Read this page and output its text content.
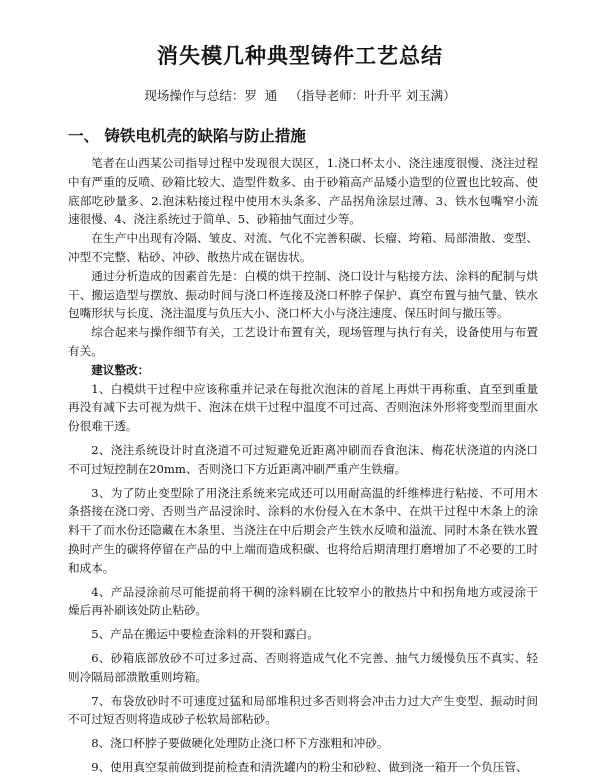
消失模几种典型铸件工艺总结
现场操作与总结：罗  通   （指导老师：叶升平 刘玉满）
一、 铸铁电机壳的缺陷与防止措施

笔者在山西某公司指导过程中发现很大误区，1.浇口杯太小、浇注速度很慢、浇注过程中有严重的反喷、砂箱比较大、造型件数多、由于砂箱高产品矮小造型的位置也比较高、使底部吃砂量多、2.泡沫粘接过程中使用木头条多、产品拐角涂层过薄、3、铁水包嘴窄小流速很慢、4、浇注系统过于简单、5、砂箱抽气面过少等。

在生产中出现有冷隔、皱皮、对流、气化不完善积碳、长瘤、垮箱、局部溃散、变型、冲型不完整、粘砂、冲砂、散热片成在锯齿状。

通过分析造成的因素首先是：白模的烘干控制、浇口设计与粘接方法、涂料的配制与烘干、搬运造型与摆放、振动时间与浇口杯连接及浇口杯脖子保护、真空布置与抽气量、铁水包嘴形状与长度、浇注温度与负压大小、浇口杯大小与浇注速度、保压时间与撤压等。

综合起来与操作细节有关，工艺设计布置有关，现场管理与执行有关，设备使用与布置有关。

建议整改：

1、白模烘干过程中应该称重并记录在每批次泡沫的首尾上再烘干再称重、直至到重量再没有减下去可视为烘干、泡沫在烘干过程中温度不可过高、否则泡沫外形将变型而里面水份很难干透。

2、浇注系统设计时直浇道不可过短避免近距离冲刷而吞食泡沫、梅花状浇道的内浇口不可过短控制在20mm、否则浇口下方近距离冲刷严重产生铁瘤。

3、为了防止变型除了用浇注系统来完成还可以用耐高温的纤维棒进行粘接、不可用木条搭接在浇口旁、否则当产品浸涂时、涂料的水份侵入在木条中、在烘干过程中木条上的涂料干了而水份还隐藏在木条里、当浇注在中后期会产生铁水反喷和溢流、同时木条在铁水置换时产生的碳将停留在产品的中上端而造成积碳、也将给后期清理打磨增加了不必要的工时和成本。

4、产品浸涂前尽可能提前将干稠的涂料刷在比较窄小的散热片中和拐角地方或浸涂干燥后再补刷该处防止粘砂。

5、产品在搬运中要检查涂料的开裂和露白。

6、砂箱底部放砂不可过多过高、否则将造成气化不完善、抽气力缓慢负压不真实、轻则冷隔局部溃散重则垮箱。

7、布袋放砂时不可速度过猛和局部堆积过多否则将会冲击力过大产生变型、振动时间不可过短否则将造成砂子松软局部粘砂。

8、浇口杯脖子要做硬化处理防止浇口杯下方涨粗和冲砂。

9、使用真空泵前做到提前检查和清洗罐内的粉尘和砂粒、做到浇一箱开一个负压管、
